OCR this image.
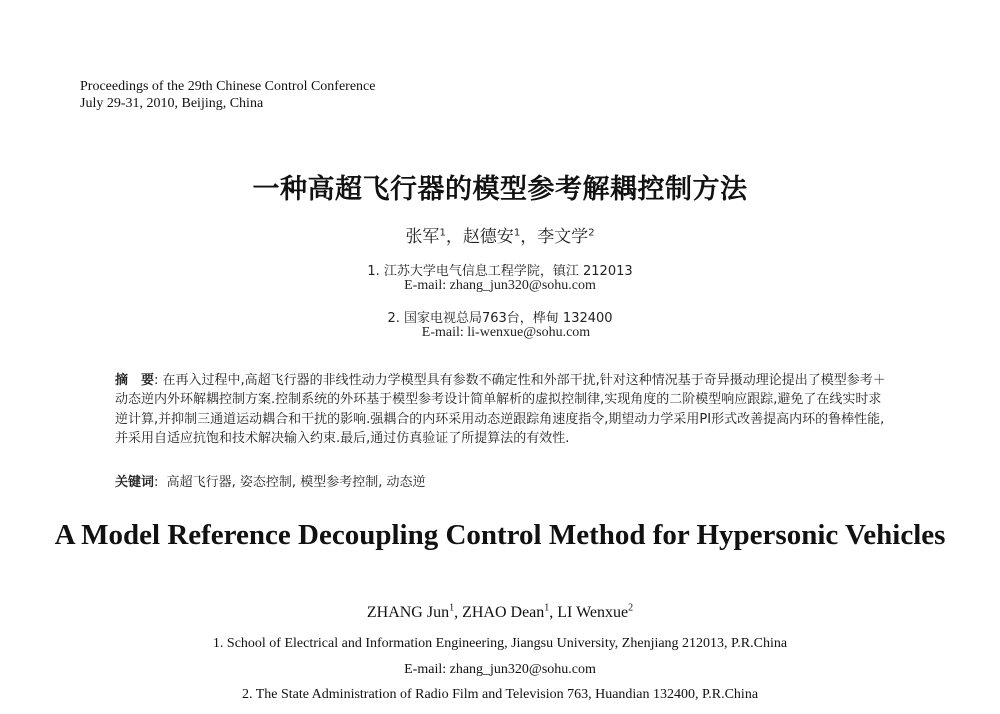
Proceedings of the 29th Chinese Control Conference
July 29-31, 2010, Beijing, China
一种高超飞行器的模型参考解耦控制方法
张军$^1$，赵德安$^1$，李文学$^2$
1. 江苏大学电气信息工程学院，镇江 212013
E-mail: zhang_jun320@sohu.com
2. 国家电视总局763台，桦甸 132400
E-mail: li-wenxue@sohu.com
摘　要: 在再入过程中,高超飞行器的非线性动力学模型具有参数不确定性和外部干扰,针对这种情况基于奇异摄动理论提出了模型参考＋动态逆内外环解耦控制方案.控制系统的外环基于模型参考设计简单解析的虚拟控制律,实现角度的二阶模型响应跟踪,避免了在线实时求逆计算,并抑制三通道运动耦合和干扰的影响.强耦合的内环采用动态逆跟踪角速度指令,期望动力学采用PI形式改善提高内环的鲁棒性能,并采用自适应抗饱和技术解决输入约束.最后,通过仿真验证了所提算法的有效性.
关键词:  高超飞行器, 姿态控制, 模型参考控制, 动态逆
A Model Reference Decoupling Control Method for Hypersonic Vehicles
ZHANG Jun$^1$, ZHAO Dean$^1$, LI Wenxue$^2$
1. School of Electrical and Information Engineering, Jiangsu University, Zhenjiang 212013, P.R.China
E-mail: zhang_jun320@sohu.com
2. The State Administration of Radio Film and Television 763, Huandian 132400, P.R.China
